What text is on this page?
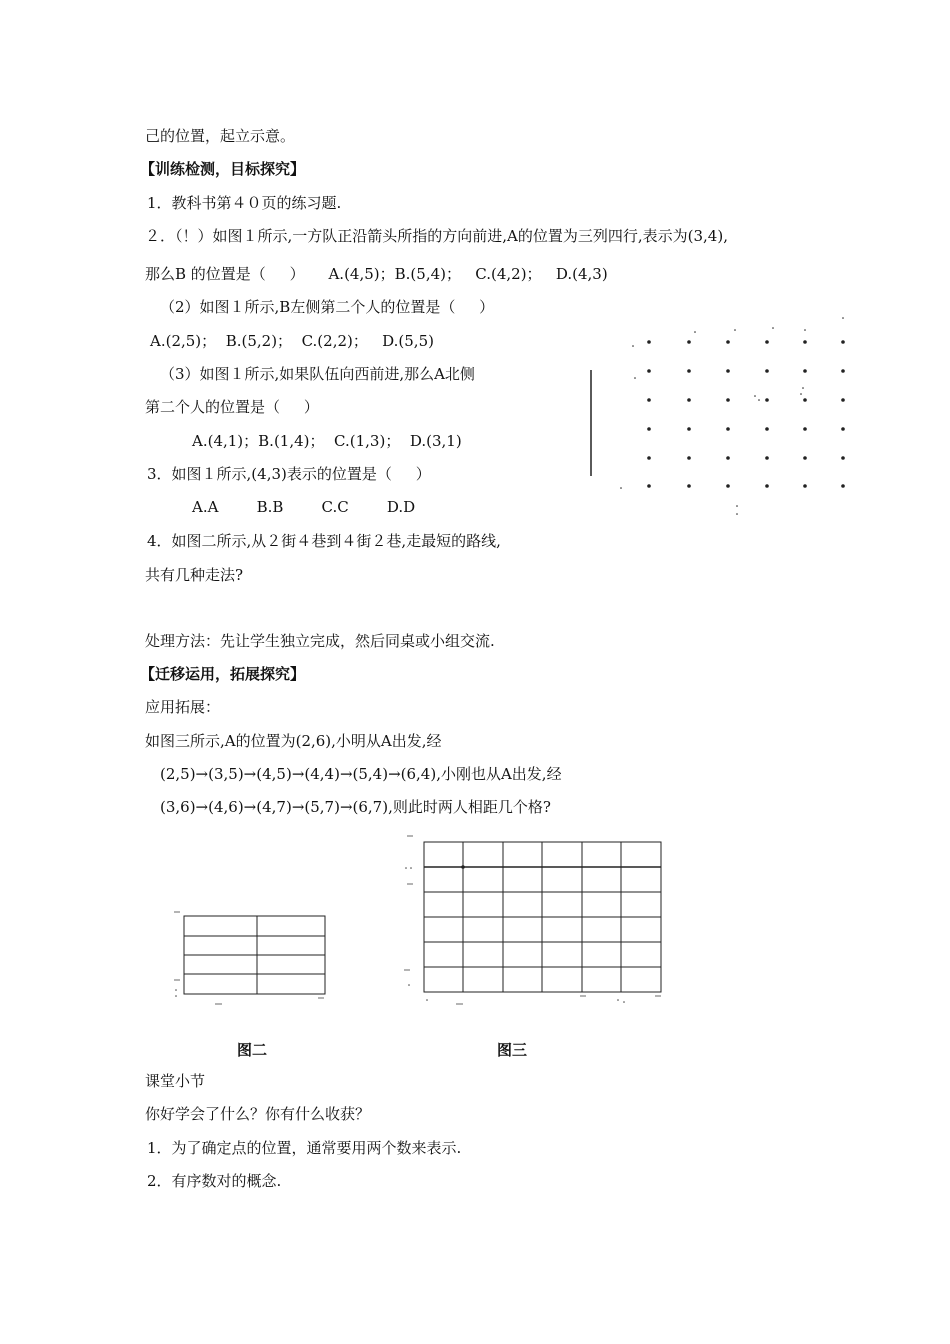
己的位置，起立示意。
【训练检测，目标探究】
1．教科书第４０页的练习题.
２．（！）如图１所示,一方队正沿箭头所指的方向前进,A的位置为三列四行,表示为(3,4),
那么B 的位置是（     ）     A.(4,5)；B.(5,4)；   C.(4,2)；   D.(4,3)
（2）如图１所示,B左侧第二个人的位置是（     ）
A.(2,5)；  B.(5,2)；  C.(2,2)；   D.(5,5)
（3）如图１所示,如果队伍向西前进,那么A北侧
第二个人的位置是（     ）
A.(4,1)；B.(1,4)；  C.(1,3)；  D.(3,1)
3．如图１所示,(4,3)表示的位置是（     ）
A.A        B.B        C.C        D.D
4．如图二所示,从２街４巷到４街２巷,走最短的路线,
共有几种走法?
处理方法：先让学生独立完成，然后同桌或小组交流.
【迁移运用，拓展探究】
应用拓展：
如图三所示,A的位置为(2,6),小明从A出发,经
(2,5)→(3,5)→(4,5)→(4,4)→(5,4)→(6,4),小刚也从A出发,经
(3,6)→(4,6)→(4,7)→(5,7)→(6,7),则此时两人相距几个格?
课堂小节
你好学会了什么？你有什么收获？
1．为了确定点的位置，通常要用两个数来表示.
2．有序数对的概念.
图二	图三
